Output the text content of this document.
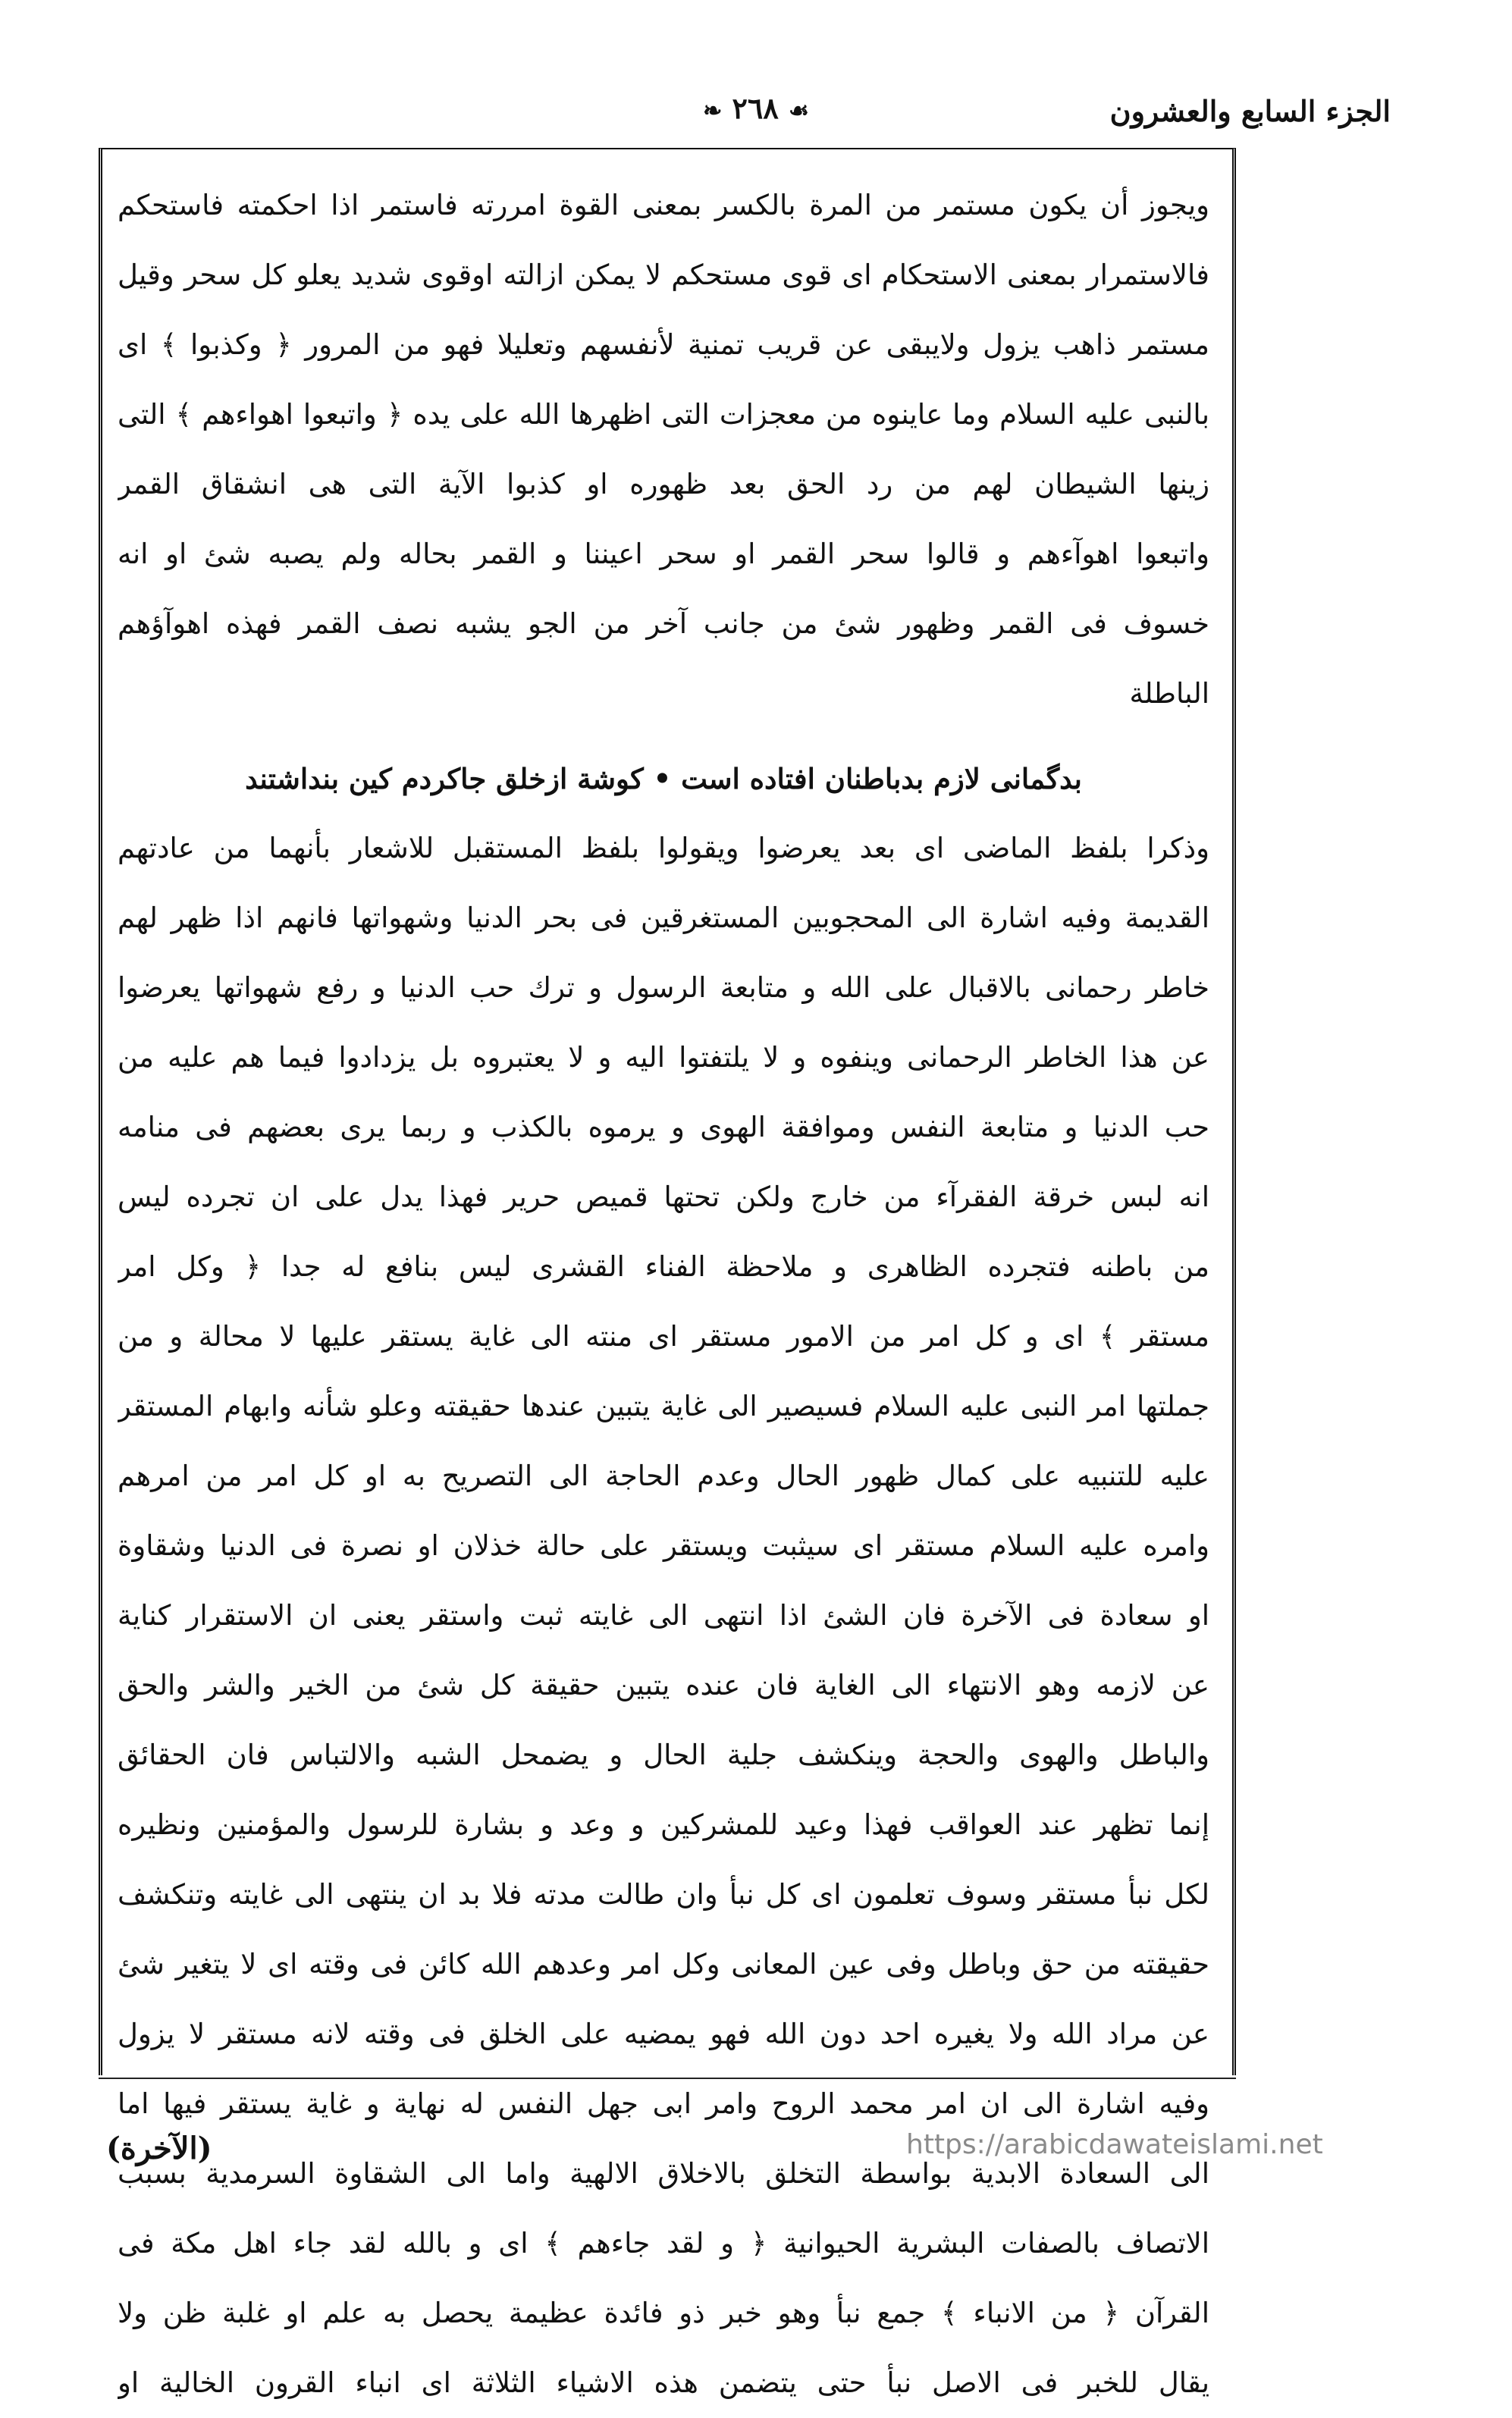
الجزء السابع والعشرون
☙ ٢٦٨ ❧
ويجوز أن يكون مستمر من المرة بالكسر بمعنى القوة امررته فاستمر اذا احكمته فاستحكم
فالاستمرار بمعنى الاستحكام اى قوى مستحكم لا يمكن ازالته اوقوى شديد يعلو كل سحر وقيل
مستمر ذاهب يزول ولايبقى عن قريب تمنية لأنفسهم وتعليلا فهو من المرور ﴿ وكذبوا ﴾ اى
بالنبى عليه السلام وما عاينوه من معجزات التى اظهرها الله على يده ﴿ واتبعوا اهواءهم ﴾ التى
زينها الشيطان لهم من رد الحق بعد ظهوره او كذبوا الآية التى هى انشقاق القمر
واتبعوا اهوآءهم و قالوا سحر القمر او سحر اعيننا و القمر بحاله ولم يصبه شئ او انه
خسوف فى القمر وظهور شئ من جانب آخر من الجو يشبه نصف القمر فهذه اهوآؤهم
الباطلة
بدگمانى لازم بدباطنان افتاده است • كوشة ازخلق جاكردم كين بنداشتند
وذكرا بلفظ الماضى اى بعد يعرضوا ويقولوا بلفظ المستقبل للاشعار بأنهما من عادتهم
القديمة وفيه اشارة الى المحجوبين المستغرقين فى بحر الدنيا وشهواتها فانهم اذا ظهر لهم
خاطر رحمانى بالاقبال على الله و متابعة الرسول و ترك حب الدنيا و رفع شهواتها يعرضوا
عن هذا الخاطر الرحمانى وينفوه و لا يلتفتوا اليه و لا يعتبروه بل يزدادوا فيما هم عليه من
حب الدنيا و متابعة النفس وموافقة الهوى و يرموه بالكذب و ربما يرى بعضهم فى منامه
انه لبس خرقة الفقرآء من خارج ولكن تحتها قميص حرير فهذا يدل على ان تجرده ليس
من باطنه فتجرده الظاهرى و ملاحظة الفناء القشرى ليس بنافع له جدا ﴿ وكل امر
مستقر ﴾ اى و كل امر من الامور مستقر اى منته الى غاية يستقر عليها لا محالة و من
جملتها امر النبى عليه السلام فسيصير الى غاية يتبين عندها حقيقته وعلو شأنه وابهام المستقر
عليه للتنبيه على كمال ظهور الحال وعدم الحاجة الى التصريح به او كل امر من امرهم
وامره عليه السلام مستقر اى سيثبت ويستقر على حالة خذلان او نصرة فى الدنيا وشقاوة
او سعادة فى الآخرة فان الشئ اذا انتهى الى غايته ثبت واستقر يعنى ان الاستقرار كناية
عن لازمه وهو الانتهاء الى الغاية فان عنده يتبين حقيقة كل شئ من الخير والشر والحق
والباطل والهوى والحجة وينكشف جلية الحال و يضمحل الشبه والالتباس فان الحقائق
إنما تظهر عند العواقب فهذا وعيد للمشركين و وعد و بشارة للرسول والمؤمنين ونظيره
لكل نبأ مستقر وسوف تعلمون اى كل نبأ وان طالت مدته فلا بد ان ينتهى الى غايته وتنكشف
حقيقته من حق وباطل وفى عين المعانى وكل امر وعدهم الله كائن فى وقته اى لا يتغير شئ
عن مراد الله ولا يغيره احد دون الله فهو يمضيه على الخلق فى وقته لانه مستقر لا يزول
وفيه اشارة الى ان امر محمد الروح وامر ابى جهل النفس له نهاية و غاية يستقر فيها اما
الى السعادة الابدية بواسطة التخلق بالاخلاق الالهية واما الى الشقاوة السرمدية بسبب
الاتصاف بالصفات البشرية الحيوانية ﴿ و لقد جاءهم ﴾ اى و بالله لقد جاء اهل مكة فى
القرآن ﴿ من الانباء ﴾ جمع نبأ وهو خبر ذو فائدة عظيمة يحصل به علم او غلبة ظن ولا
يقال للخبر فى الاصل نبأ حتى يتضمن هذه الاشياء الثلاثة اى انباء القرون الخالية او
(الآخرة)	https://arabicdawateislami.net
